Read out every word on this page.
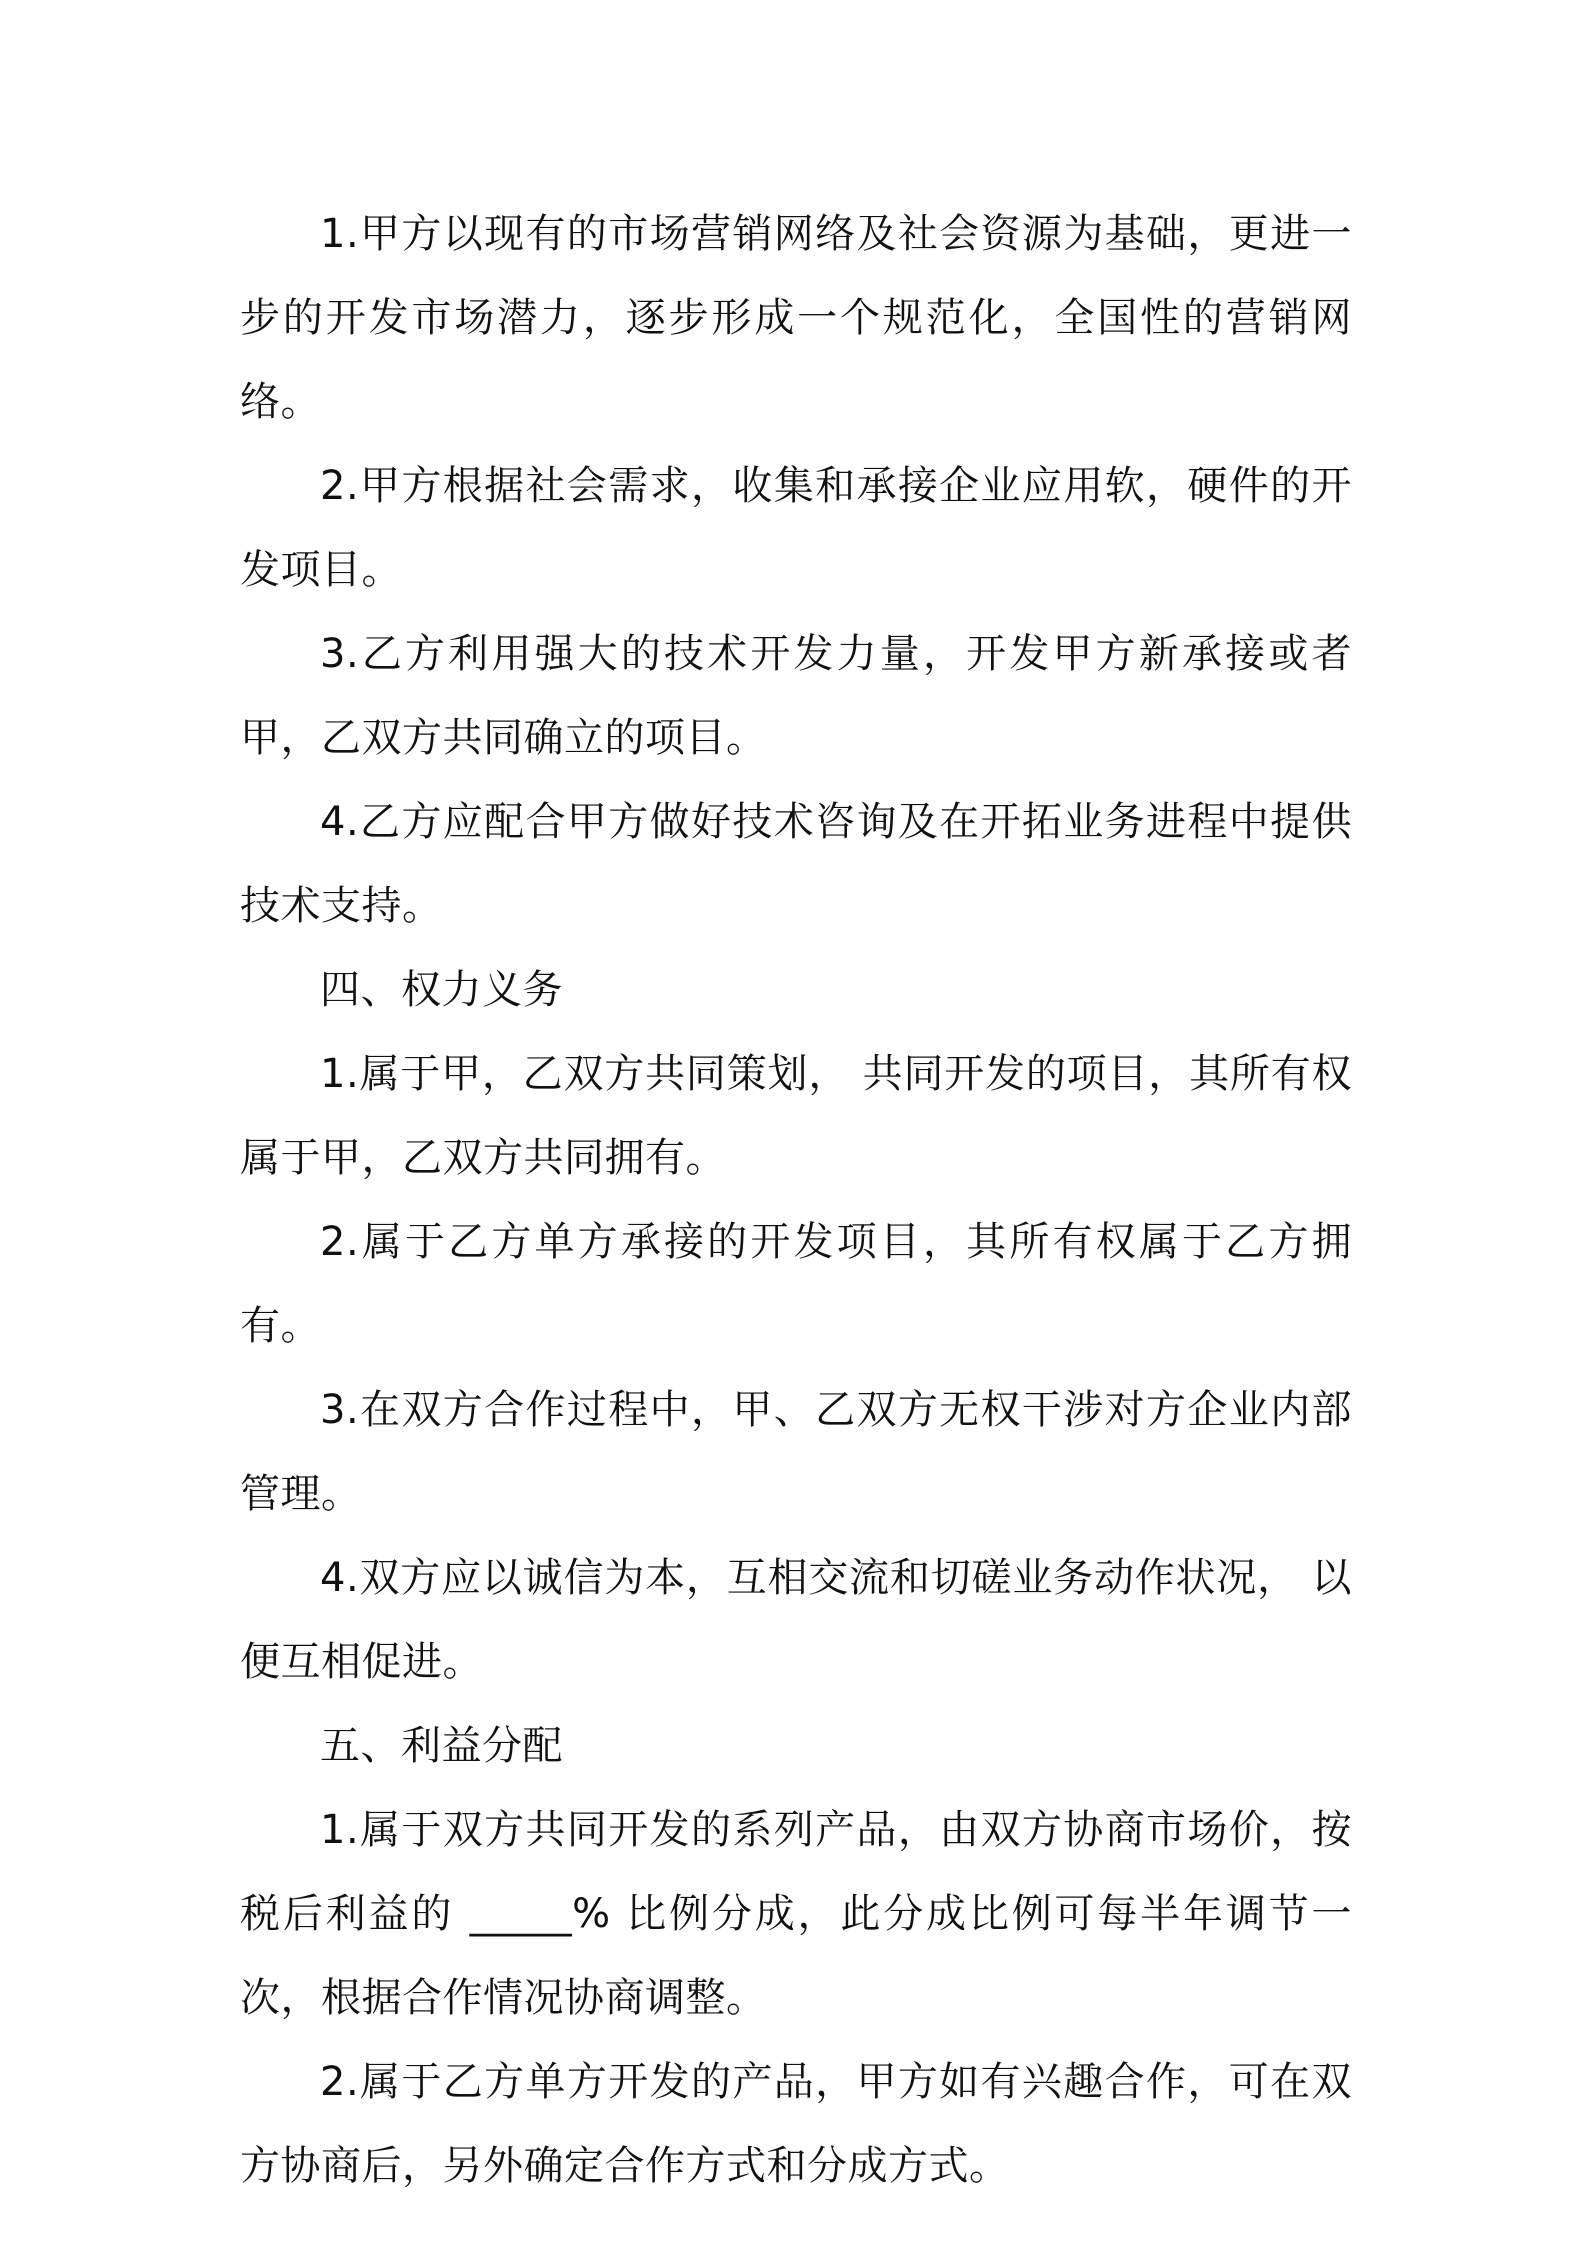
1.甲方以现有的市场营销网络及社会资源为基础，更进一步的开发市场潜力，逐步形成一个规范化，全国性的营销网络。

2.甲方根据社会需求，收集和承接企业应用软，硬件的开发项目。

3.乙方利用强大的技术开发力量，开发甲方新承接或者甲，乙双方共同确立的项目。

4.乙方应配合甲方做好技术咨询及在开拓业务进程中提供技术支持。

四、权力义务

1.属于甲，乙双方共同策划， 共同开发的项目，其所有权属于甲，乙双方共同拥有。

2.属于乙方单方承接的开发项目，其所有权属于乙方拥有。

3.在双方合作过程中，甲、乙双方无权干涉对方企业内部管理。

4.双方应以诚信为本，互相交流和切磋业务动作状况， 以便互相促进。

五、利益分配

1.属于双方共同开发的系列产品，由双方协商市场价，按税后利益的 _____% 比例分成，此分成比例可每半年调节一次，根据合作情况协商调整。

2.属于乙方单方开发的产品，甲方如有兴趣合作，可在双方协商后，另外确定合作方式和分成方式。
